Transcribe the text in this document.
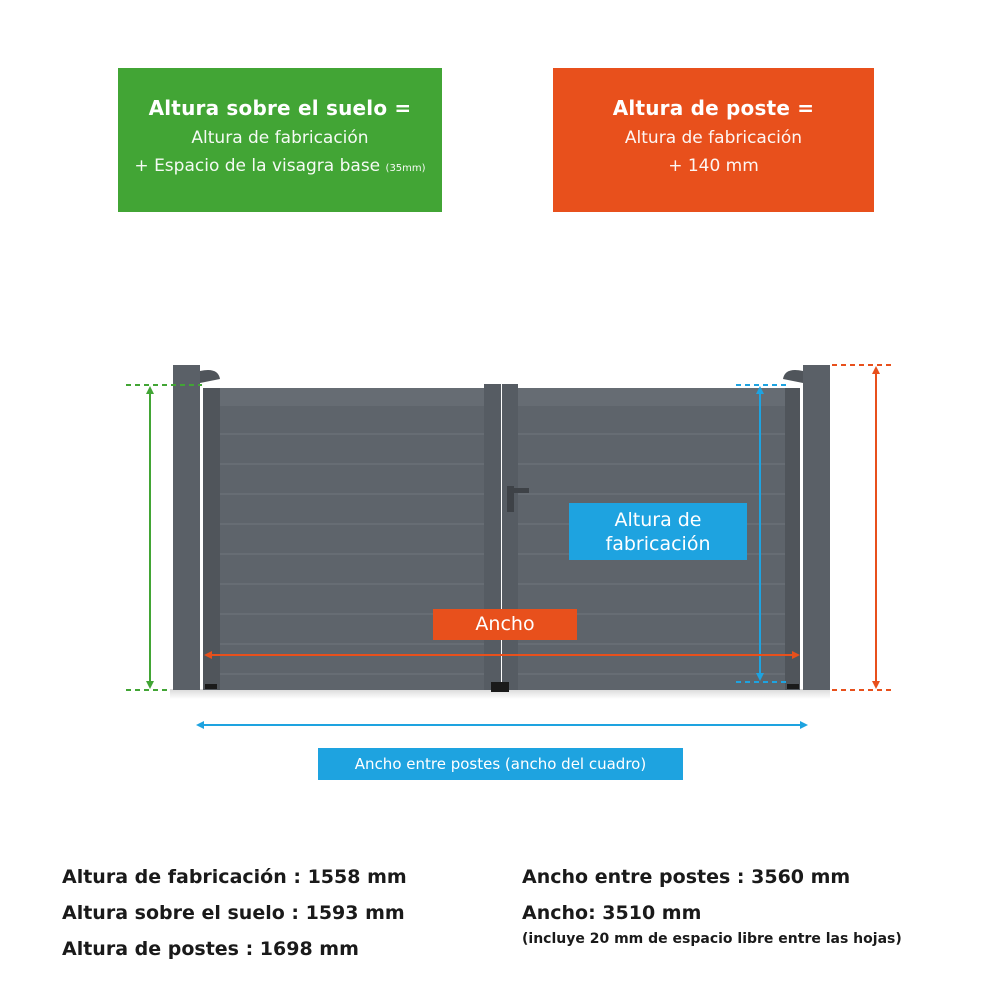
Altura sobre el suelo =
Altura de fabricación
+ Espacio de la visagra base (35mm)
Altura de poste =
Altura de fabricación
+ 140 mm
Altura de fabricación
Ancho
Ancho entre postes (ancho del cuadro)
Altura de fabricación : 1558 mm
Altura sobre el suelo : 1593 mm
Altura de postes : 1698 mm
Ancho entre postes : 3560 mm
Ancho: 3510 mm
(incluye 20 mm de espacio libre entre las hojas)
